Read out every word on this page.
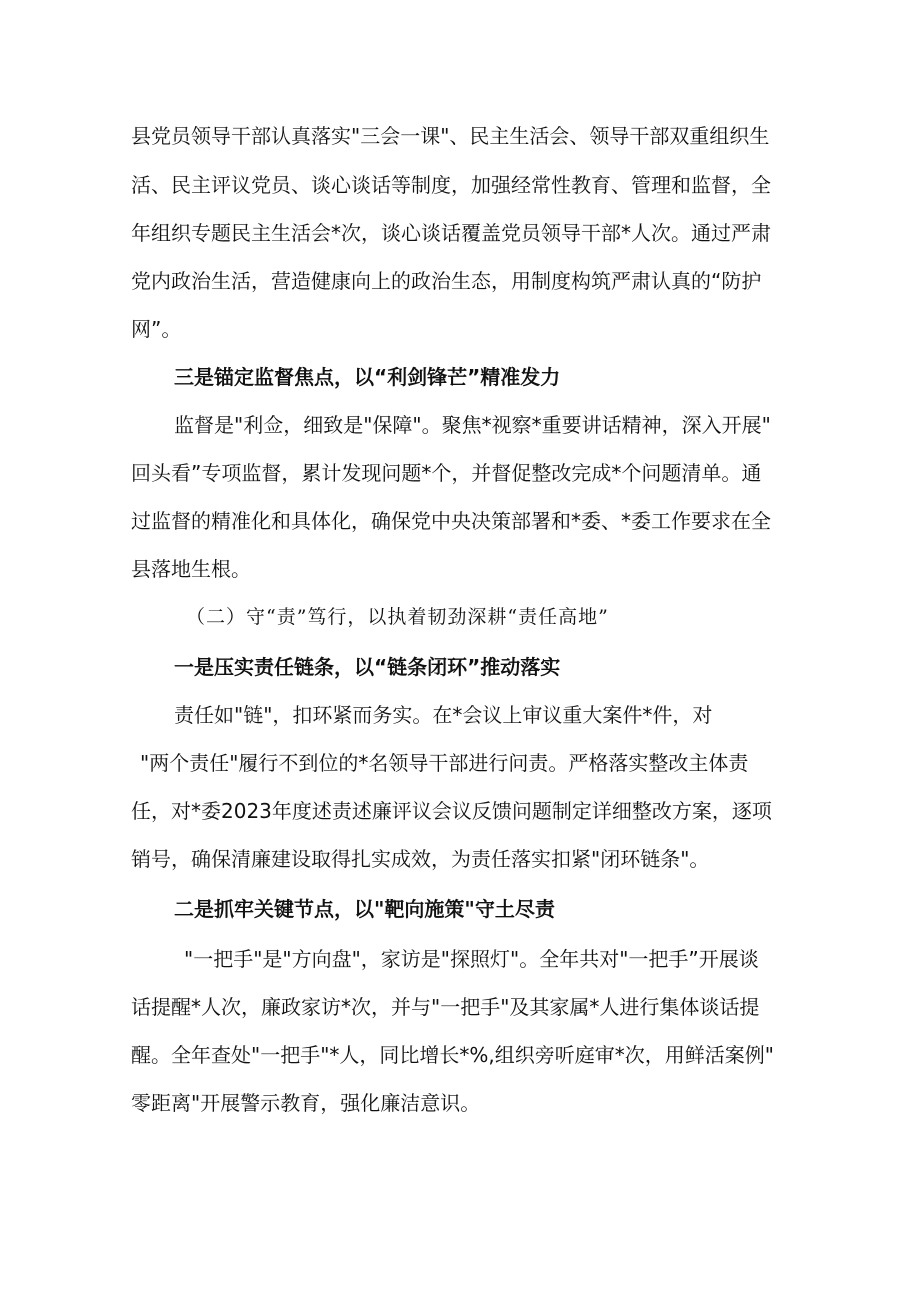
县党员领导干部认真落实"三会一课"、民主生活会、领导干部双重组织生
活、民主评议党员、谈心谈话等制度，加强经常性教育、管理和监督，全
年组织专题民主生活会*次，谈心谈话覆盖党员领导干部*人次。通过严肃
党内政治生活，营造健康向上的政治生态，用制度构筑严肃认真的“防护
网”。
三是锚定监督焦点，以“利剑锋芒”精准发力
监督是"利佥，细致是"保障"。聚焦*视察*重要讲话精神，深入开展"
回头看”专项监督，累计发现问题*个，并督促整改完成*个问题清单。通
过监督的精准化和具体化，确保党中央决策部署和*委、*委工作要求在全
县落地生根。
（二）守“责”笃行，以执着韧劲深耕“责任高地”
一是压实责任链条，以“链条闭环”推动落实
责任如"链"，扣环紧而务实。在*会议上审议重大案件*件，对
"两个责任"履行不到位的*名领导干部进行问责。严格落实整改主体责
任，对*委2023年度述责述廉评议会议反馈问题制定详细整改方案，逐项
销号，确保清廉建设取得扎实成效，为责任落实扣紧"闭环链条"。
二是抓牢关键节点，以"靶向施策"守土尽责
"一把手"是"方向盘"，家访是"探照灯"。全年共对"一把手”开展谈
话提醒*人次，廉政家访*次，并与"一把手"及其家属*人进行集体谈话提
醒。全年查处"一把手"*人，同比增长*%,组织旁听庭审*次，用鲜活案例"
零距离"开展警示教育，强化廉洁意识。
